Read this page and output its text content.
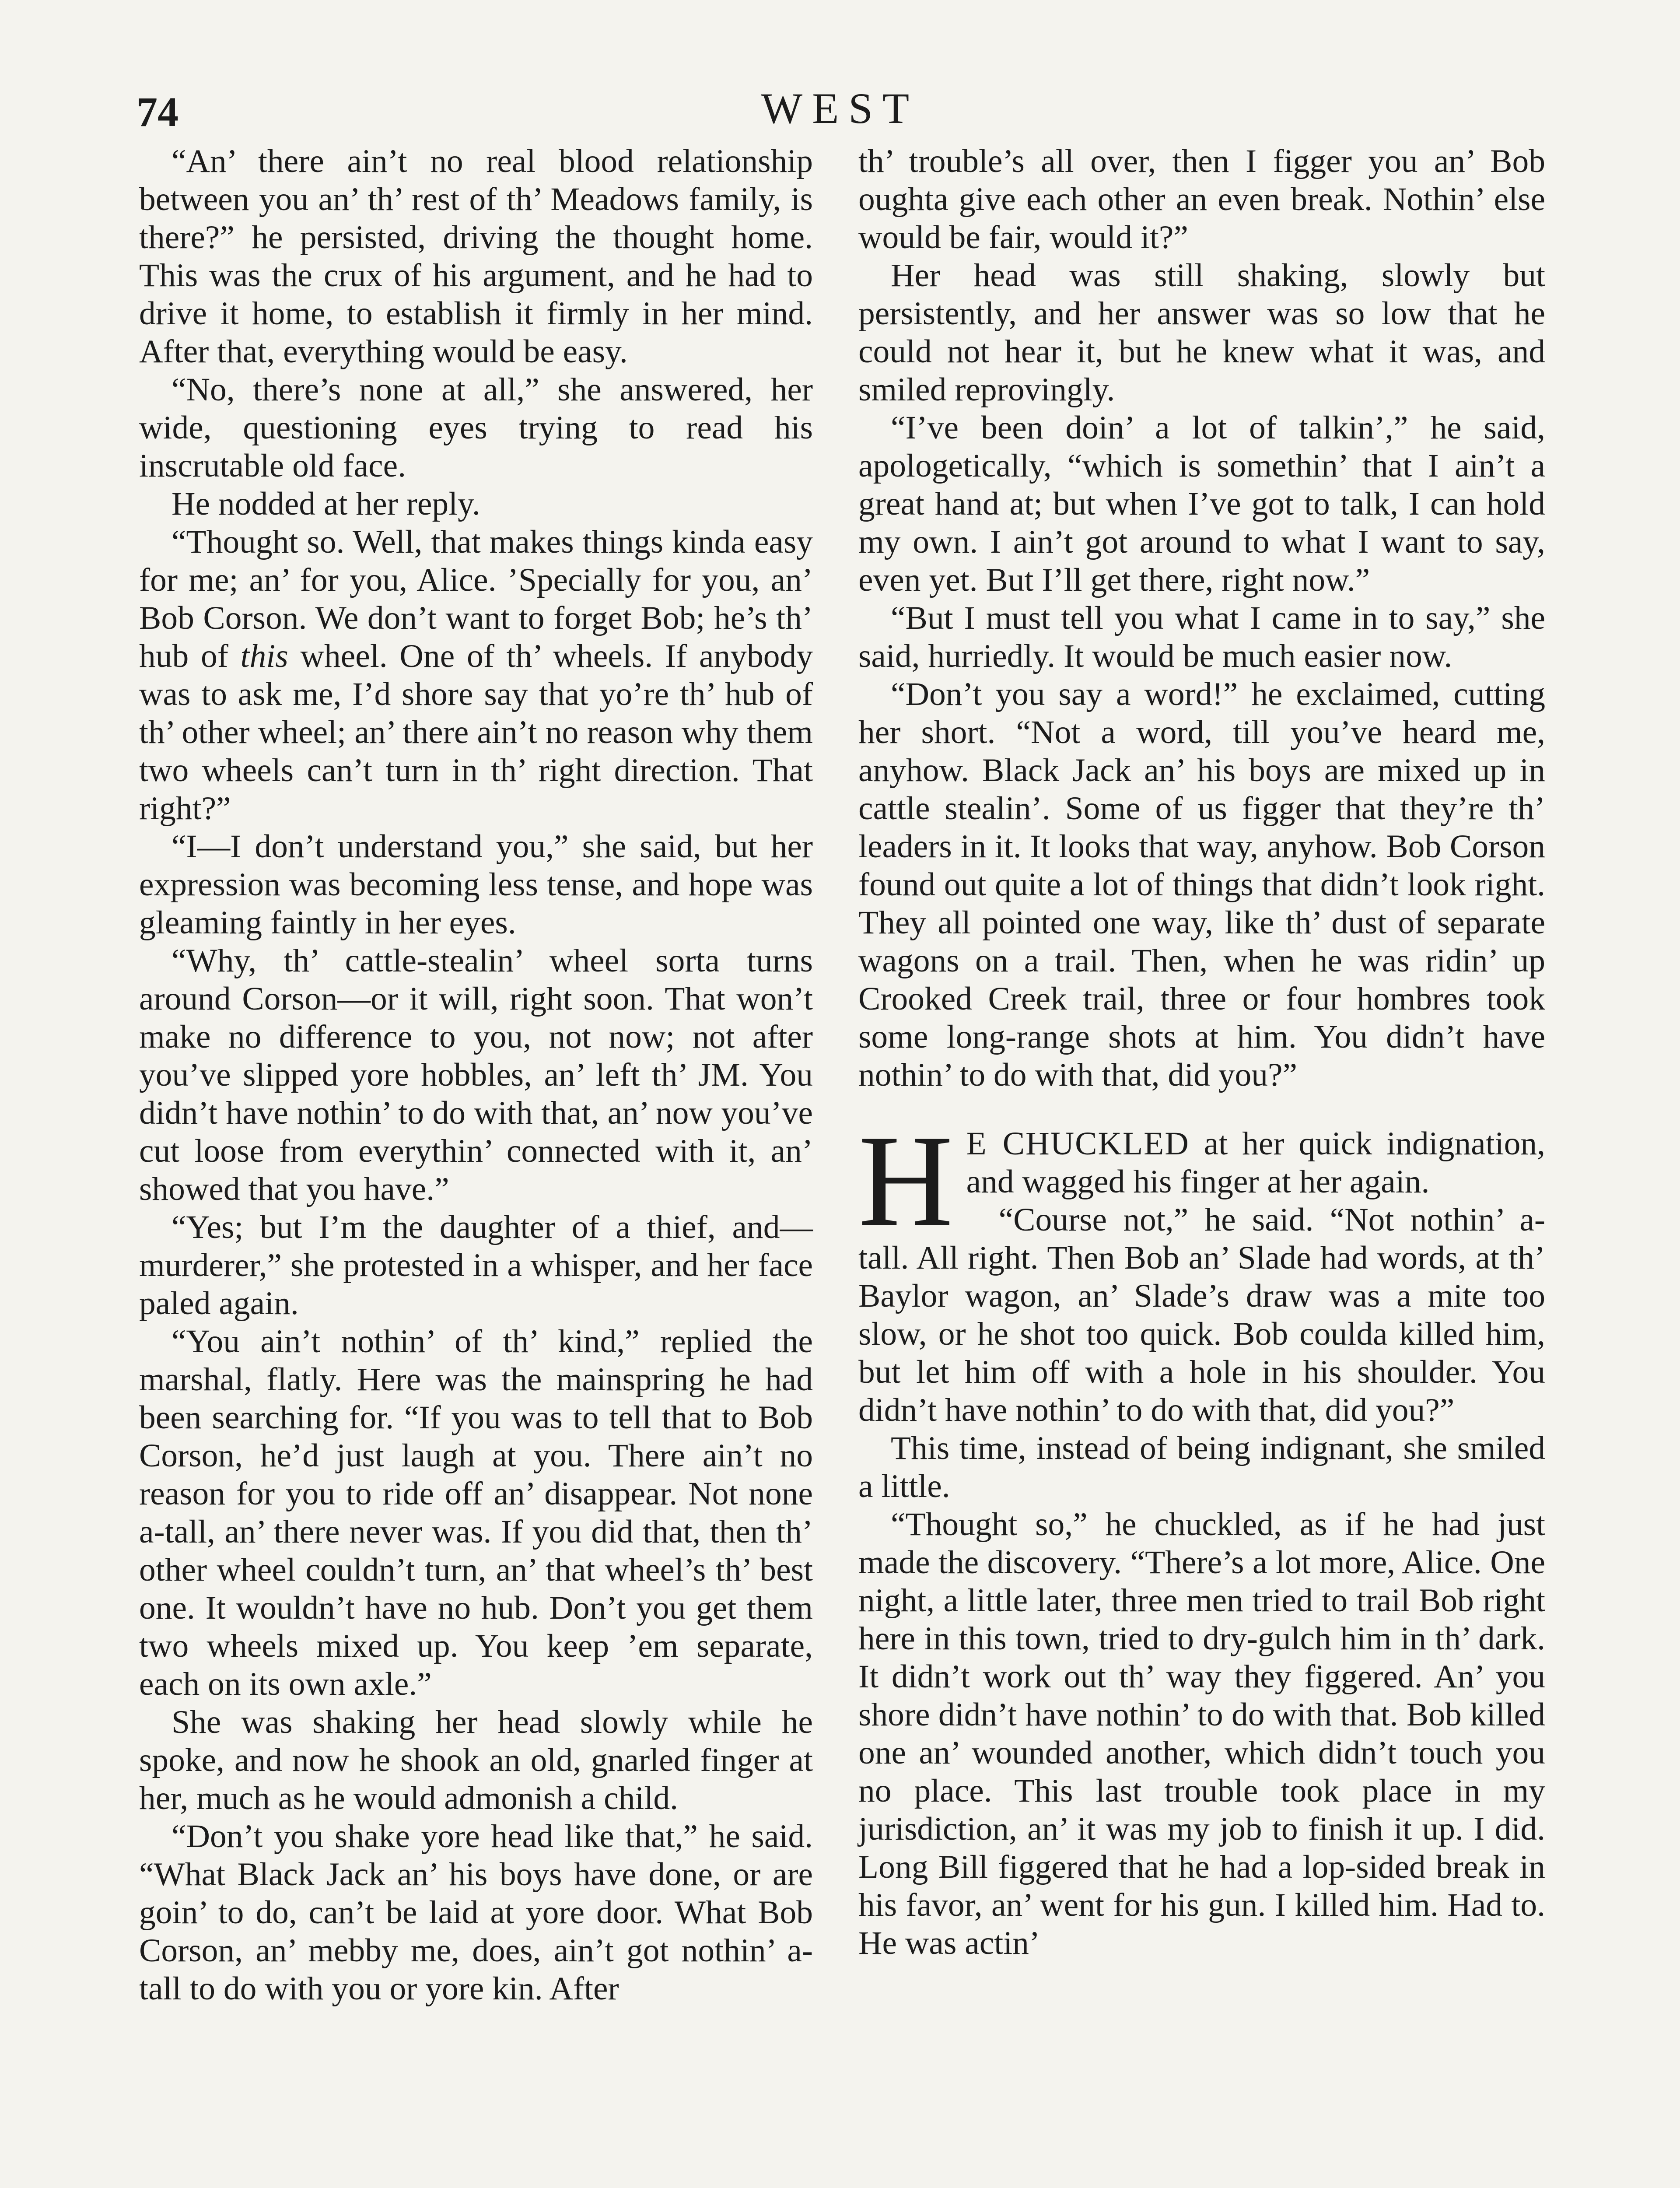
74	WEST

“An’ there ain’t no real blood relationship between you an’ th’ rest of th’ Meadows family, is there?” he persisted, driving the thought home. This was the crux of his argument, and he had to drive it home, to establish it firmly in her mind. After that, everything would be easy.

“No, there’s none at all,” she answered, her wide, questioning eyes trying to read his inscrutable old face.

He nodded at her reply.

“Thought so. Well, that makes things kinda easy for me; an’ for you, Alice. ’Specially for you, an’ Bob Corson. We don’t want to forget Bob; he’s th’ hub of this wheel. One of th’ wheels. If anybody was to ask me, I’d shore say that yo’re th’ hub of th’ other wheel; an’ there ain’t no reason why them two wheels can’t turn in th’ right direction. That right?”

“I—I don’t understand you,” she said, but her expression was becoming less tense, and hope was gleaming faintly in her eyes.

“Why, th’ cattle-stealin’ wheel sorta turns around Corson—or it will, right soon. That won’t make no difference to you, not now; not after you’ve slipped yore hobbles, an’ left th’ JM. You didn’t have nothin’ to do with that, an’ now you’ve cut loose from everythin’ connected with it, an’ showed that you have.”

“Yes; but I’m the daughter of a thief, and—murderer,” she protested in a whisper, and her face paled again.

“You ain’t nothin’ of th’ kind,” replied the marshal, flatly. Here was the mainspring he had been searching for. “If you was to tell that to Bob Corson, he’d just laugh at you. There ain’t no reason for you to ride off an’ disappear. Not none a-tall, an’ there never was. If you did that, then th’ other wheel couldn’t turn, an’ that wheel’s th’ best one. It wouldn’t have no hub. Don’t you get them two wheels mixed up. You keep ’em separate, each on its own axle.”

She was shaking her head slowly while he spoke, and now he shook an old, gnarled finger at her, much as he would admonish a child.

“Don’t you shake yore head like that,” he said. “What Black Jack an’ his boys have done, or are goin’ to do, can’t be laid at yore door. What Bob Corson, an’ mebby me, does, ain’t got nothin’ a-tall to do with you or yore kin. After

th’ trouble’s all over, then I figger you an’ Bob oughta give each other an even break. Nothin’ else would be fair, would it?”

Her head was still shaking, slowly but persistently, and her answer was so low that he could not hear it, but he knew what it was, and smiled reprovingly.

“I’ve been doin’ a lot of talkin’,” he said, apologetically, “which is somethin’ that I ain’t a great hand at; but when I’ve got to talk, I can hold my own. I ain’t got around to what I want to say, even yet. But I’ll get there, right now.”

“But I must tell you what I came in to say,” she said, hurriedly. It would be much easier now.

“Don’t you say a word!” he exclaimed, cutting her short. “Not a word, till you’ve heard me, anyhow. Black Jack an’ his boys are mixed up in cattle stealin’. Some of us figger that they’re th’ leaders in it. It looks that way, anyhow. Bob Corson found out quite a lot of things that didn’t look right. They all pointed one way, like th’ dust of separate wagons on a trail. Then, when he was ridin’ up Crooked Creek trail, three or four hombres took some long-range shots at him. You didn’t have nothin’ to do with that, did you?”

H E CHUCKLED at her quick indignation, and wagged his finger at her again.

“Course not,” he said. “Not nothin’ a-tall. All right. Then Bob an’ Slade had words, at th’ Baylor wagon, an’ Slade’s draw was a mite too slow, or he shot too quick. Bob coulda killed him, but let him off with a hole in his shoulder. You didn’t have nothin’ to do with that, did you?”

This time, instead of being indignant, she smiled a little.

“Thought so,” he chuckled, as if he had just made the discovery. “There’s a lot more, Alice. One night, a little later, three men tried to trail Bob right here in this town, tried to dry-gulch him in th’ dark. It didn’t work out th’ way they figgered. An’ you shore didn’t have nothin’ to do with that. Bob killed one an’ wounded another, which didn’t touch you no place. This last trouble took place in my jurisdiction, an’ it was my job to finish it up. I did. Long Bill figgered that he had a lop-sided break in his favor, an’ went for his gun. I killed him. Had to. He was actin’
